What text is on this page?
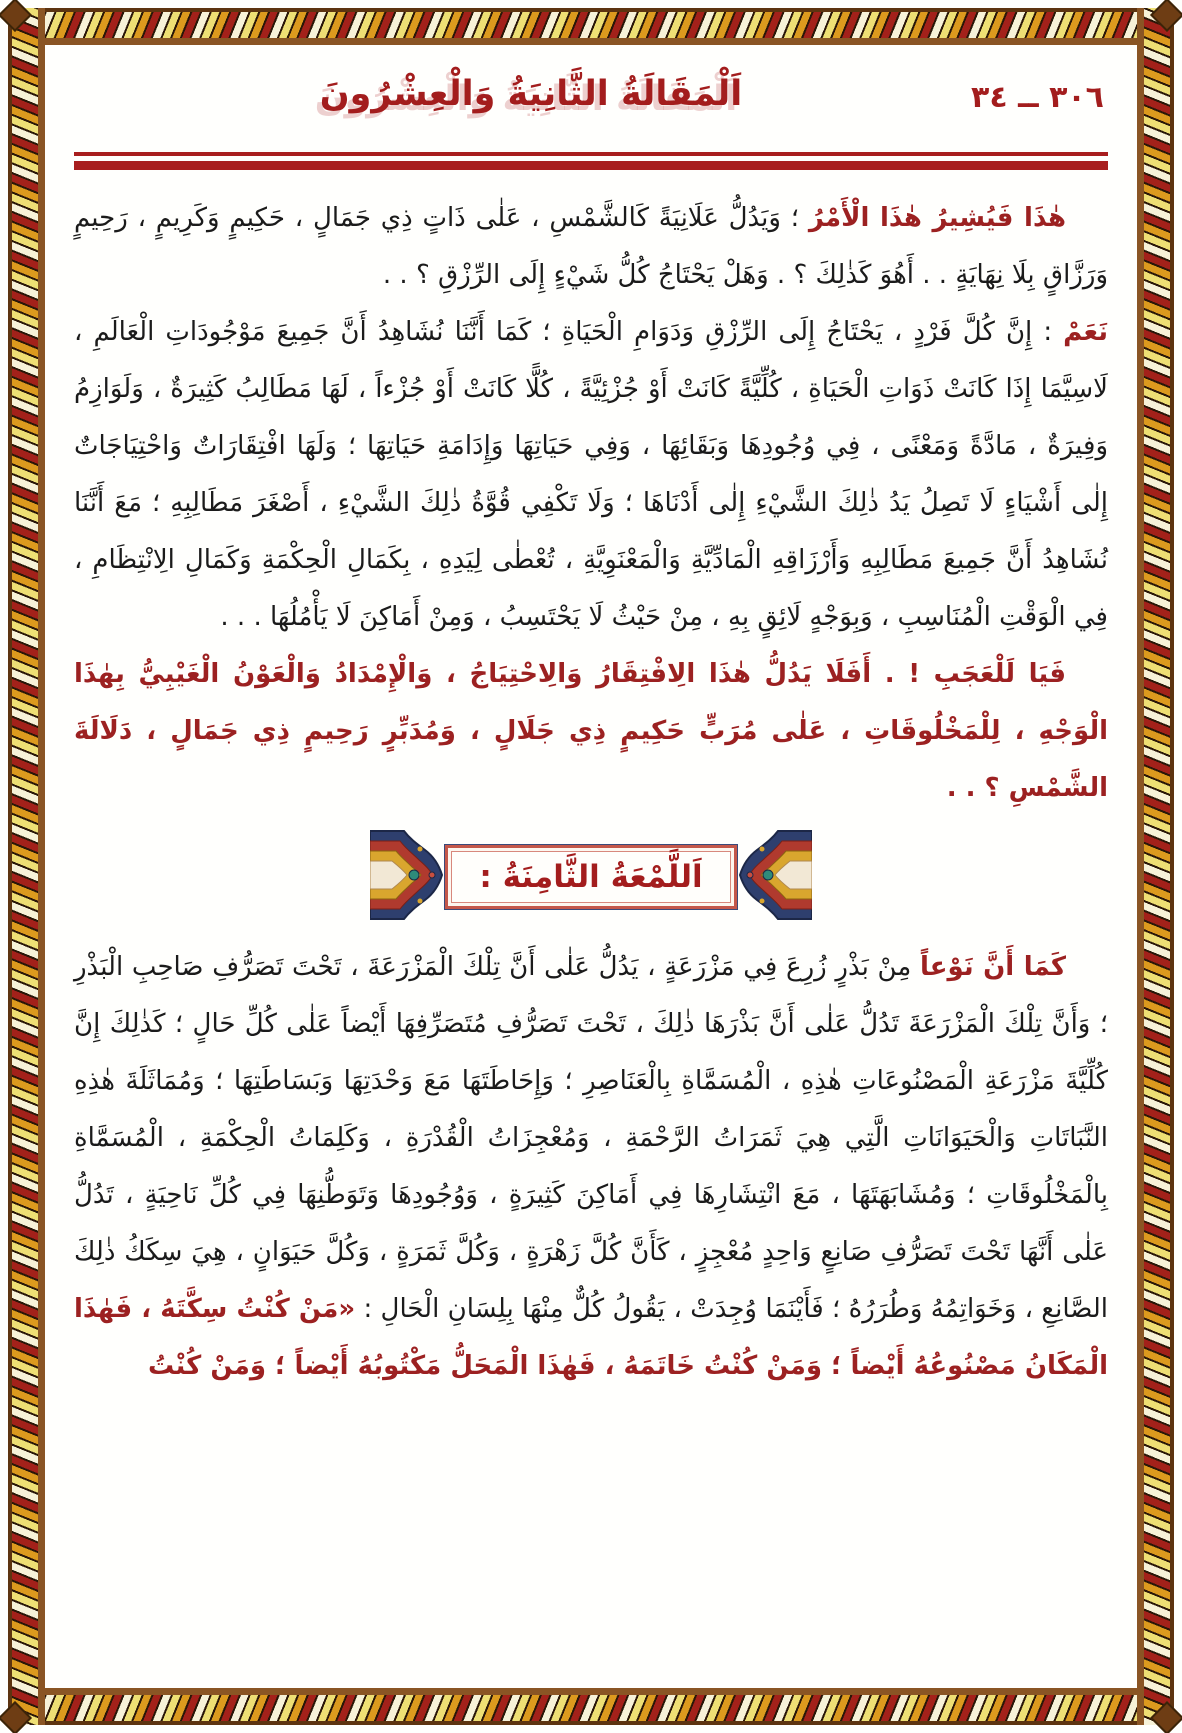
اَلْمَقَالَةُ الثَّانِيَةُ وَالْعِشْرُونَ	٣٠٦ ــ ٣٤

هٰذَا فَيُشِيرُ هٰذَا الْأَمْرُ ؛ وَيَدُلُّ عَلَانِيَةً كَالشَّمْسِ ، عَلٰى ذَاتٍ ذِي جَمَالٍ ، حَكِيمٍ وَكَرِيمٍ ، رَحِيمٍ وَرَزَّاقٍ بِلَا نِهَايَةٍ . . أَهُوَ كَذٰلِكَ ؟ . وَهَلْ يَحْتَاجُ كُلُّ شَيْءٍ إِلَى الرِّزْقِ ؟ . .

نَعَمْ : إِنَّ كُلَّ فَرْدٍ ، يَحْتَاجُ إِلَى الرِّزْقِ وَدَوَامِ الْحَيَاةِ ؛ كَمَا أَنَّنَا نُشَاهِدُ أَنَّ جَمِيعَ مَوْجُودَاتِ الْعَالَمِ ، لَاسِيَّمَا إِذَا كَانَتْ ذَوَاتِ الْحَيَاةِ ، كُلِّيَّةً كَانَتْ أَوْ جُزْئِيَّةً ، كُلًّا كَانَتْ أَوْ جُزْءاً ، لَهَا مَطَالِبُ كَثِيرَةٌ ، وَلَوَازِمُ وَفِيرَةٌ ، مَادَّةً وَمَعْنًى ، فِي وُجُودِهَا وَبَقَائِهَا ، وَفِي حَيَاتِهَا وَإِدَامَةِ حَيَاتِهَا ؛ وَلَهَا افْتِقَارَاتٌ وَاحْتِيَاجَاتٌ إِلٰى أَشْيَاءٍ لَا تَصِلُ يَدُ ذٰلِكَ الشَّيْءِ إِلٰى أَدْنَاهَا ؛ وَلَا تَكْفِي قُوَّةُ ذٰلِكَ الشَّيْءِ ، أَصْغَرَ مَطَالِبِهِ ؛ مَعَ أَنَّنَا نُشَاهِدُ أَنَّ جَمِيعَ مَطَالِبِهِ وَأَرْزَاقِهِ الْمَادِّيَّةِ وَالْمَعْنَوِيَّةِ ، تُعْطٰى لِيَدِهِ ، بِكَمَالِ الْحِكْمَةِ وَكَمَالِ الِانْتِظَامِ ، فِي الْوَقْتِ الْمُنَاسِبِ ، وَبِوَجْهٍ لَائِقٍ بِهِ ، مِنْ حَيْثُ لَا يَحْتَسِبُ ، وَمِنْ أَمَاكِنَ لَا يَأْمُلُهَا . . .

فَيَا لَلْعَجَبِ ! . أَفَلَا يَدُلُّ هٰذَا الِافْتِقَارُ وَالِاحْتِيَاجُ ، وَالْإِمْدَادُ وَالْعَوْنُ الْغَيْبِيُّ بِهٰذَا الْوَجْهِ ، لِلْمَخْلُوقَاتِ ، عَلٰى مُرَبٍّ حَكِيمٍ ذِي جَلَالٍ ، وَمُدَبِّرٍ رَحِيمٍ ذِي جَمَالٍ ، دَلَالَةَ الشَّمْسِ ؟ . .

اَللَّمْعَةُ الثَّامِنَةُ :

كَمَا أَنَّ نَوْعاً مِنْ بَذْرٍ زُرِعَ فِي مَزْرَعَةٍ ، يَدُلُّ عَلٰى أَنَّ تِلْكَ الْمَزْرَعَةَ ، تَحْتَ تَصَرُّفِ صَاحِبِ الْبَذْرِ ؛ وَأَنَّ تِلْكَ الْمَزْرَعَةَ تَدُلُّ عَلٰى أَنَّ بَذْرَهَا ذٰلِكَ ، تَحْتَ تَصَرُّفِ مُتَصَرِّفِهَا أَيْضاً عَلٰى كُلِّ حَالٍ ؛ كَذٰلِكَ إِنَّ كُلِّيَّةَ مَزْرَعَةِ الْمَصْنُوعَاتِ هٰذِهِ ، الْمُسَمَّاةِ بِالْعَنَاصِرِ ؛ وَإِحَاطَتَهَا مَعَ وَحْدَتِهَا وَبَسَاطَتِهَا ؛ وَمُمَاثَلَةَ هٰذِهِ النَّبَاتَاتِ وَالْحَيَوَانَاتِ الَّتِي هِيَ ثَمَرَاتُ الرَّحْمَةِ ، وَمُعْجِزَاتُ الْقُدْرَةِ ، وَكَلِمَاتُ الْحِكْمَةِ ، الْمُسَمَّاةِ بِالْمَخْلُوقَاتِ ؛ وَمُشَابَهَتَهَا ، مَعَ انْتِشَارِهَا فِي أَمَاكِنَ كَثِيرَةٍ ، وَوُجُودِهَا وَتَوَطُّنِهَا فِي كُلِّ نَاحِيَةٍ ، تَدُلُّ عَلٰى أَنَّهَا تَحْتَ تَصَرُّفِ صَانِعٍ وَاحِدٍ مُعْجِزٍ ، كَأَنَّ كُلَّ زَهْرَةٍ ، وَكُلَّ ثَمَرَةٍ ، وَكُلَّ حَيَوَانٍ ، هِيَ سِكَكُ ذٰلِكَ الصَّانِعِ ، وَخَوَاتِمُهُ وَطُرَرُهُ ؛ فَأَيْنَمَا وُجِدَتْ ، يَقُولُ كُلٌّ مِنْهَا بِلِسَانِ الْحَالِ : «مَنْ كُنْتُ سِكَّتَهُ ، فَهٰذَا الْمَكَانُ مَصْنُوعُهُ أَيْضاً ؛ وَمَنْ كُنْتُ خَاتَمَهُ ، فَهٰذَا الْمَحَلُّ مَكْتُوبُهُ أَيْضاً ؛ وَمَنْ كُنْتُ
